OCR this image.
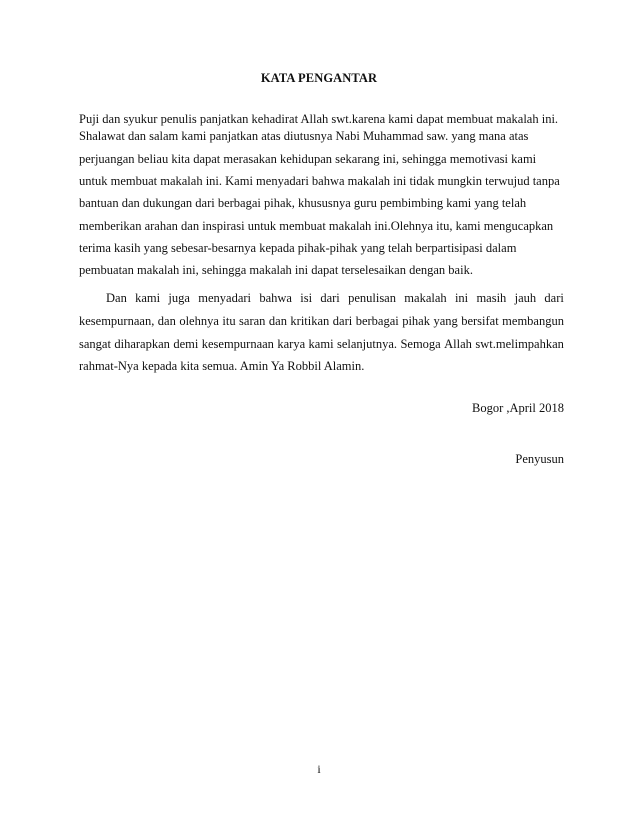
KATA PENGANTAR
Puji dan syukur penulis panjatkan kehadirat Allah swt.karena kami dapat membuat makalah ini.
Shalawat dan salam kami panjatkan atas diutusnya Nabi Muhammad saw. yang mana atas
perjuangan beliau kita dapat merasakan kehidupan sekarang ini, sehingga memotivasi kami
untuk membuat makalah ini. Kami menyadari bahwa makalah ini tidak mungkin terwujud tanpa
bantuan dan dukungan dari berbagai pihak, khususnya guru pembimbing kami yang telah
memberikan arahan dan inspirasi untuk membuat makalah ini.Olehnya itu, kami mengucapkan
terima kasih yang sebesar-besarnya kepada pihak-pihak yang telah berpartisipasi dalam
pembuatan makalah ini, sehingga makalah ini dapat terselesaikan dengan baik.
Dan kami juga menyadari bahwa isi dari penulisan makalah ini masih jauh dari
kesempurnaan, dan olehnya itu saran dan kritikan dari berbagai pihak yang bersifat membangun
sangat diharapkan demi kesempurnaan karya kami selanjutnya. Semoga Allah swt.melimpahkan
rahmat-Nya kepada kita semua. Amin Ya Robbil Alamin.
Bogor ,April 2018
Penyusun
i
